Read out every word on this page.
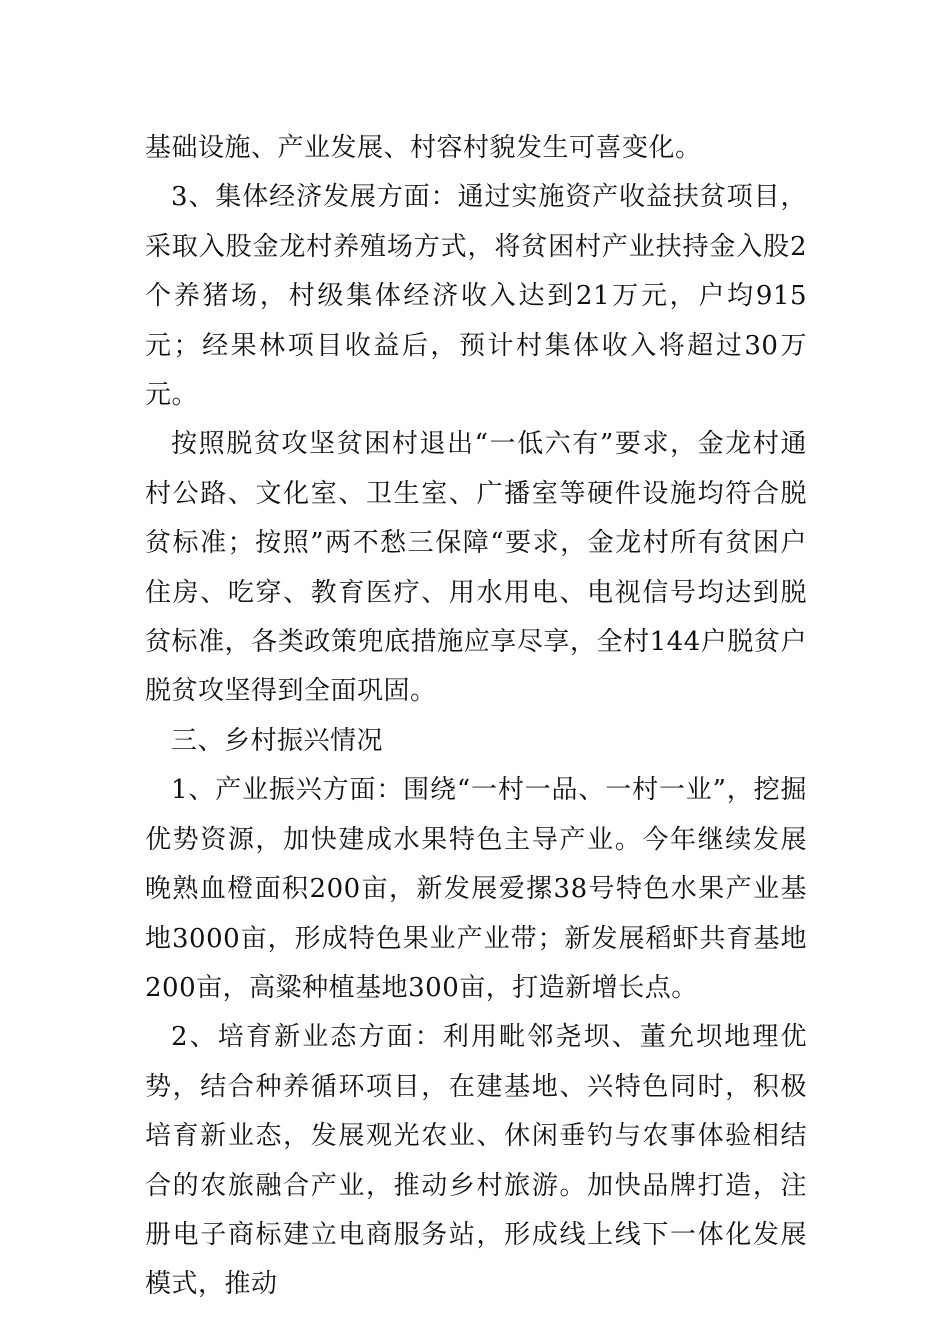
基础设施、产业发展、村容村貌发生可喜变化。

3、集体经济发展方面：通过实施资产收益扶贫项目，采取入股金龙村养殖场方式，将贫困村产业扶持金入股2个养猪场，村级集体经济收入达到21万元，户均915元；经果林项目收益后，预计村集体收入将超过30万元。

按照脱贫攻坚贫困村退出“一低六有”要求，金龙村通村公路、文化室、卫生室、广播室等硬件设施均符合脱贫标准；按照”两不愁三保障“要求，金龙村所有贫困户住房、吃穿、教育医疗、用水用电、电视信号均达到脱贫标准，各类政策兜底措施应享尽享，全村144户脱贫户脱贫攻坚得到全面巩固。

三、乡村振兴情况

1、产业振兴方面：围绕“一村一品、一村一业”，挖掘优势资源，加快建成水果特色主导产业。今年继续发展晚熟血橙面积200亩，新发展爱摞38号特色水果产业基地3000亩，形成特色果业产业带；新发展稻虾共育基地200亩，高粱种植基地300亩，打造新增长点。

2、培育新业态方面：利用毗邻尧坝、董允坝地理优势，结合种养循环项目，在建基地、兴特色同时，积极培育新业态，发展观光农业、休闲垂钓与农事体验相结合的农旅融合产业，推动乡村旅游。加快品牌打造，注册电子商标建立电商服务站，形成线上线下一体化发展模式，推动
